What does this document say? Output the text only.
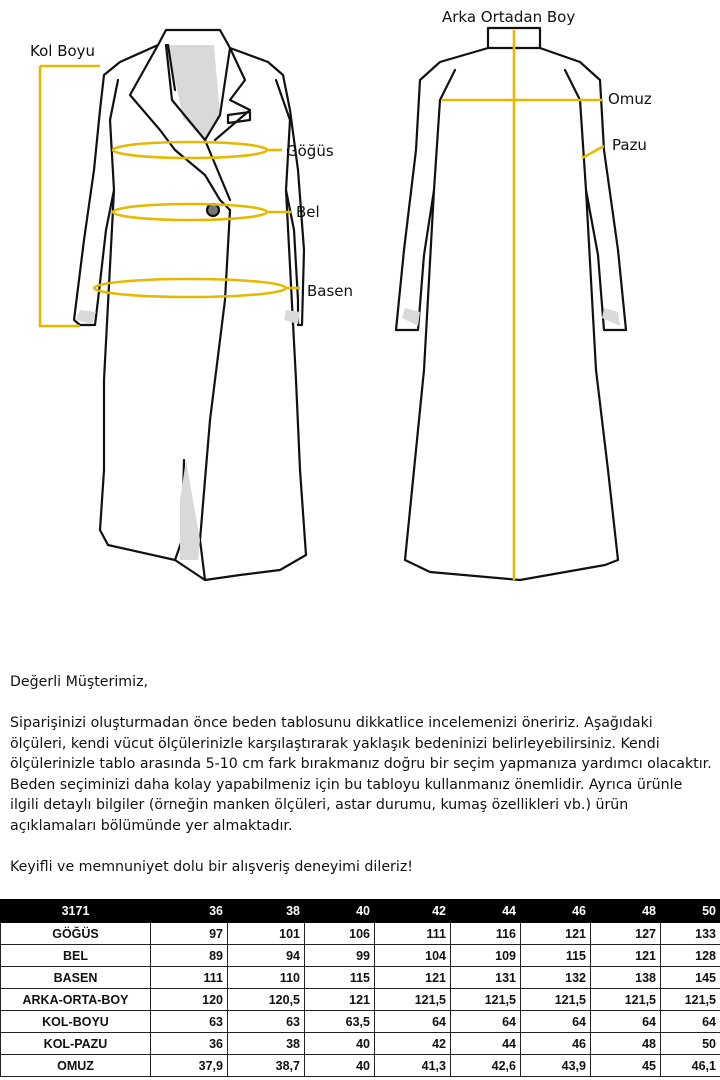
Kol Boyu
Arka Ortadan Boy
Göğüs
Bel
Basen
Omuz
Pazu

Değerli Müşterimiz,

Siparişinizi oluşturmadan önce beden tablosunu dikkatlice incelemenizi öneririz. Aşağıdaki ölçüleri, kendi vücut ölçülerinizle karşılaştırarak yaklaşık bedeninizi belirleyebilirsiniz. Kendi ölçülerinizle tablo arasında 5-10 cm fark bırakmanız doğru bir seçim yapmanıza yardımcı olacaktır.

Beden seçiminizi daha kolay yapabilmeniz için bu tabloyu kullanmanız önemlidir. Ayrıca ürünle ilgili detaylı bilgiler (örneğin manken ölçüleri, astar durumu, kumaş özellikleri vb.) ürün açıklamaları bölümünde yer almaktadır.

Keyifli ve memnuniyet dolu bir alışveriş deneyimi dileriz!

3171	36	38	40	42	44	46	48	50
GÖĞÜS	97	101	106	111	116	121	127	133
BEL	89	94	99	104	109	115	121	128
BASEN	111	110	115	121	131	132	138	145
ARKA-ORTA-BOY	120	120,5	121	121,5	121,5	121,5	121,5	121,5
KOL-BOYU	63	63	63,5	64	64	64	64	64
KOL-PAZU	36	38	40	42	44	46	48	50
OMUZ	37,9	38,7	40	41,3	42,6	43,9	45	46,1
